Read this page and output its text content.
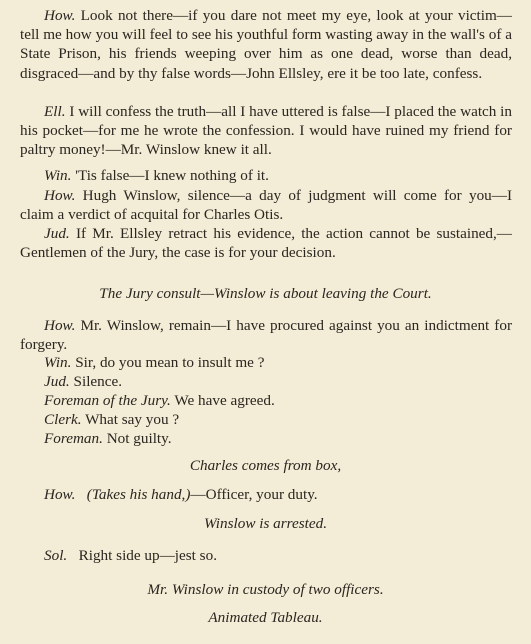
How. Look not there—if you dare not meet my eye, look at your victim—tell me how you will feel to see his youthful form wasting away in the wall's of a State Prison, his friends weeping over him as one dead, worse than dead, disgraced—and by thy false words—John Ellsley, ere it be too late, confess.

Ell. I will confess the truth—all I have uttered is false—I placed the watch in his pocket—for me he wrote the confession. I would have ruined my friend for paltry money!—Mr. Winslow knew it all.

Win. 'Tis false—I knew nothing of it.

How. Hugh Winslow, silence—a day of judgment will come for you—I claim a verdict of acquital for Charles Otis.

Jud. If Mr. Ellsley retract his evidence, the action cannot be sustained,—Gentlemen of the Jury, the case is for your decision.

The Jury consult—Winslow is about leaving the Court.

How. Mr. Winslow, remain—I have procured against you an indictment for forgery.

Win. Sir, do you mean to insult me ?
Jud. Silence.
Foreman of the Jury. We have agreed.
Clerk. What say you ?
Foreman. Not guilty.
Charles comes from box,
How. (Takes his hand,)—Officer, your duty.
Winslow is arrested.
Sol. Right side up—jest so.
Mr. Winslow in custody of two officers.
Animated Tableau.
